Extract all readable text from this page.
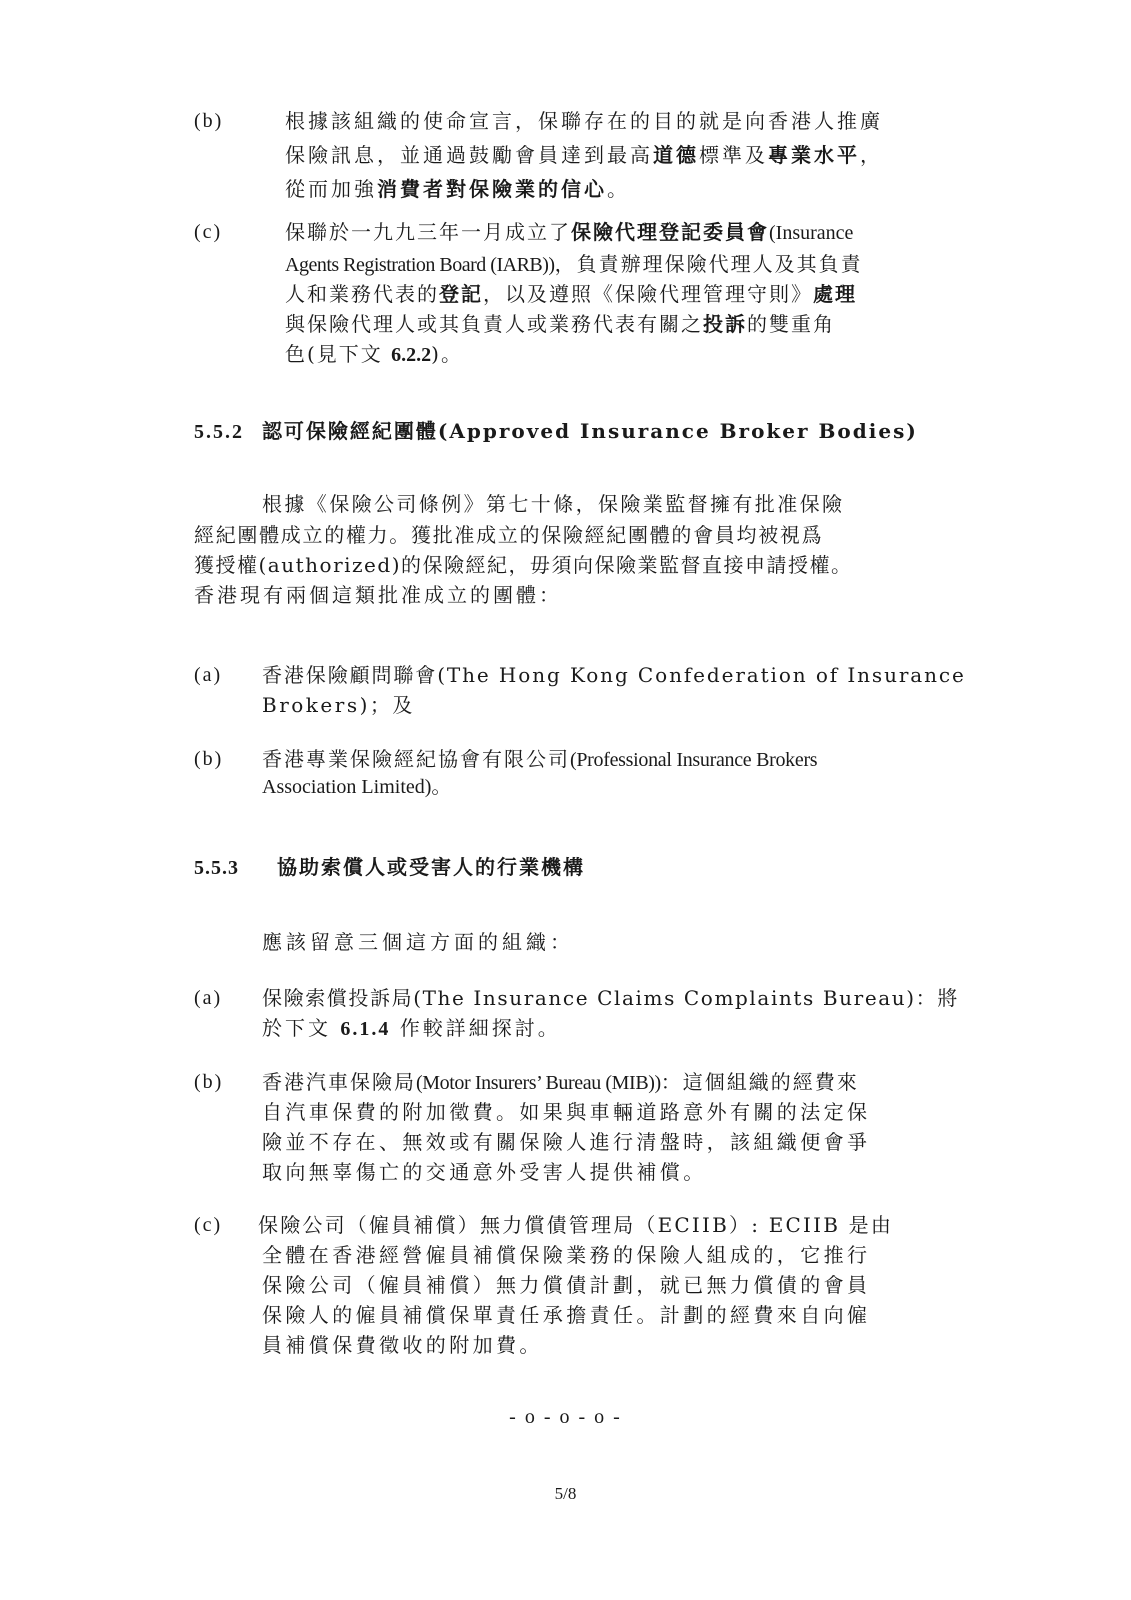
(b)	根據該組織的使命宣言，保聯存在的目的就是向香港人推廣
保險訊息，並通過鼓勵會員達到最高道德標準及專業水平，
從而加強消費者對保險業的信心。
(c)	保聯於一九九三年一月成立了保險代理登記委員會(Insurance
Agents Registration Board (IARB))，負責辦理保險代理人及其負責
人和業務代表的登記，以及遵照《保險代理管理守則》處理
與保險代理人或其負責人或業務代表有關之投訴的雙重角
色(見下文 6.2.2)。
5.5.2 認可保險經紀團體(Approved Insurance Broker Bodies)
根據《保險公司條例》第七十條，保險業監督擁有批准保險
經紀團體成立的權力。獲批准成立的保險經紀團體的會員均被視爲
獲授權(authorized)的保險經紀，毋須向保險業監督直接申請授權。
香港現有兩個這類批准成立的團體：
(a) 香港保險顧問聯會(The Hong Kong Confederation of Insurance
Brokers)；及
(b) 香港專業保險經紀協會有限公司(Professional Insurance Brokers
Association Limited)。
5.5.3 協助索償人或受害人的行業機構
應該留意三個這方面的組織：
(a) 保險索償投訴局(The Insurance Claims Complaints Bureau)：將
於下文 6.1.4 作較詳細探討。
(b) 香港汽車保險局(Motor Insurers’ Bureau (MIB))：這個組織的經費來
自汽車保費的附加徵費。如果與車輛道路意外有關的法定保
險並不存在、無效或有關保險人進行清盤時，該組織便會爭
取向無辜傷亡的交通意外受害人提供補償。
(c) 保險公司（僱員補償）無力償債管理局（ECIIB）: ECIIB 是由
全體在香港經營僱員補償保險業務的保險人組成的，它推行
保險公司（僱員補償）無力償債計劃，就已無力償債的會員
保險人的僱員補償保單責任承擔責任。計劃的經費來自向僱
員補償保費徵收的附加費。
- o - o - o -
5/8
